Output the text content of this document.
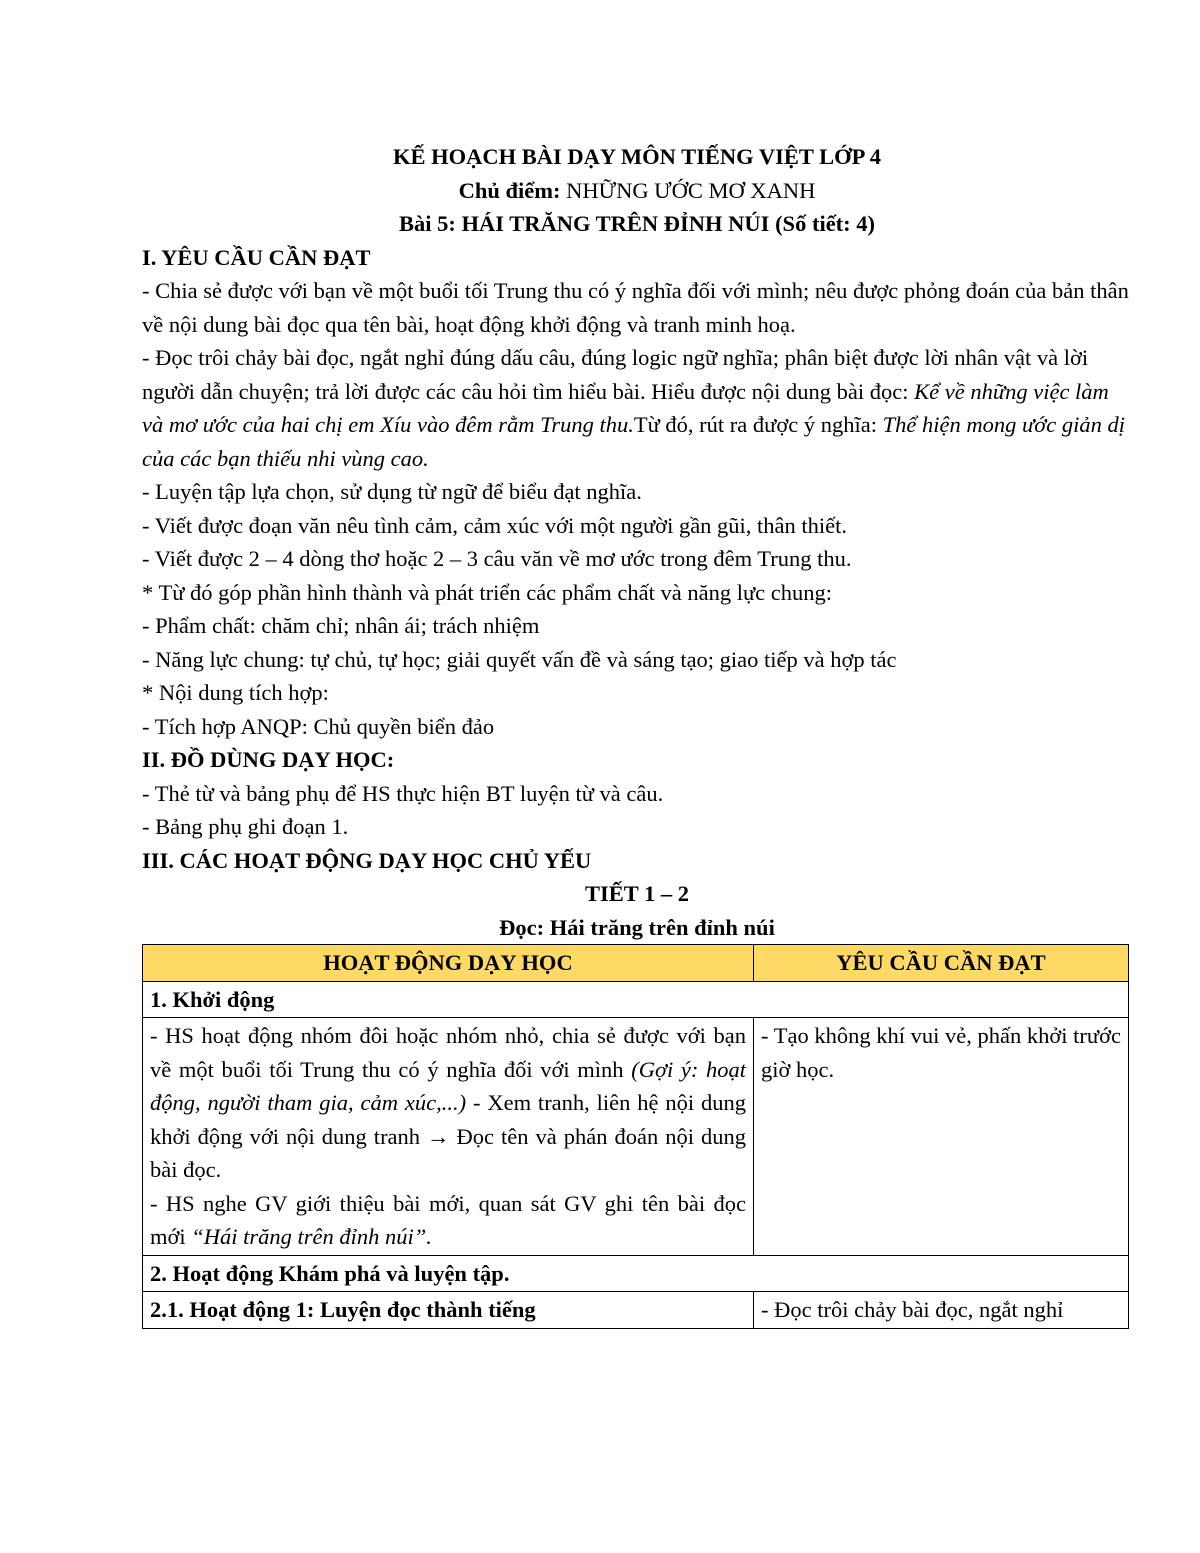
KẾ HOẠCH BÀI DẠY MÔN TIẾNG VIỆT LỚP 4
Chủ điểm: NHỮNG ƯỚC MƠ XANH
Bài 5: HÁI TRĂNG TRÊN ĐỈNH NÚI (Số tiết: 4)
I. YÊU CẦU CẦN ĐẠT

- Chia sẻ được với bạn về một buổi tối Trung thu có ý nghĩa đối với mình; nêu được phỏng đoán của bản thân về nội dung bài đọc qua tên bài, hoạt động khởi động và tranh minh hoạ.

- Đọc trôi chảy bài đọc, ngắt nghỉ đúng dấu câu, đúng logic ngữ nghĩa; phân biệt được lời nhân vật và lời người dẫn chuyện; trả lời được các câu hỏi tìm hiểu bài. Hiểu được nội dung bài đọc: Kể về những việc làm và mơ ước của hai chị em Xíu vào đêm rằm Trung thu.Từ đó, rút ra được ý nghĩa: Thể hiện mong ước giản dị của các bạn thiếu nhi vùng cao.

- Luyện tập lựa chọn, sử dụng từ ngữ để biểu đạt nghĩa.

- Viết được đoạn văn nêu tình cảm, cảm xúc với một người gần gũi, thân thiết.

- Viết được 2 – 4 dòng thơ hoặc 2 – 3 câu văn về mơ ước trong đêm Trung thu.

* Từ đó góp phần hình thành và phát triển các phẩm chất và năng lực chung:

- Phẩm chất: chăm chỉ; nhân ái; trách nhiệm

- Năng lực chung: tự chủ, tự học; giải quyết vấn đề và sáng tạo; giao tiếp và hợp tác

* Nội dung tích hợp:

- Tích hợp ANQP: Chủ quyền biển đảo

II. ĐỒ DÙNG DẠY HỌC:

- Thẻ từ và bảng phụ để HS thực hiện BT luyện từ và câu.

- Bảng phụ ghi đoạn 1.

III. CÁC HOẠT ĐỘNG DẠY HỌC CHỦ YẾU
TIẾT 1 – 2
Đọc: Hái trăng trên đỉnh núi
HOẠT ĐỘNG DẠY HỌC	YÊU CẦU CẦN ĐẠT
1. Khởi động	

- HS hoạt động nhóm đôi hoặc nhóm nhỏ, chia sẻ được với bạn về một buổi tối Trung thu có ý nghĩa đối với mình (Gợi ý: hoạt động, người tham gia, cảm xúc,...) - Xem tranh, liên hệ nội dung khởi động với nội dung tranh → Đọc tên và phán đoán nội dung bài đọc.
- HS nghe GV giới thiệu bài mới, quan sát GV ghi tên bài đọc mới “Hái trăng trên đỉnh núi”.	- Tạo không khí vui vẻ, phấn khởi trước giờ học.
2. Hoạt động Khám phá và luyện tập.	
2.1. Hoạt động 1: Luyện đọc thành tiếng	- Đọc trôi chảy bài đọc, ngắt nghỉ
